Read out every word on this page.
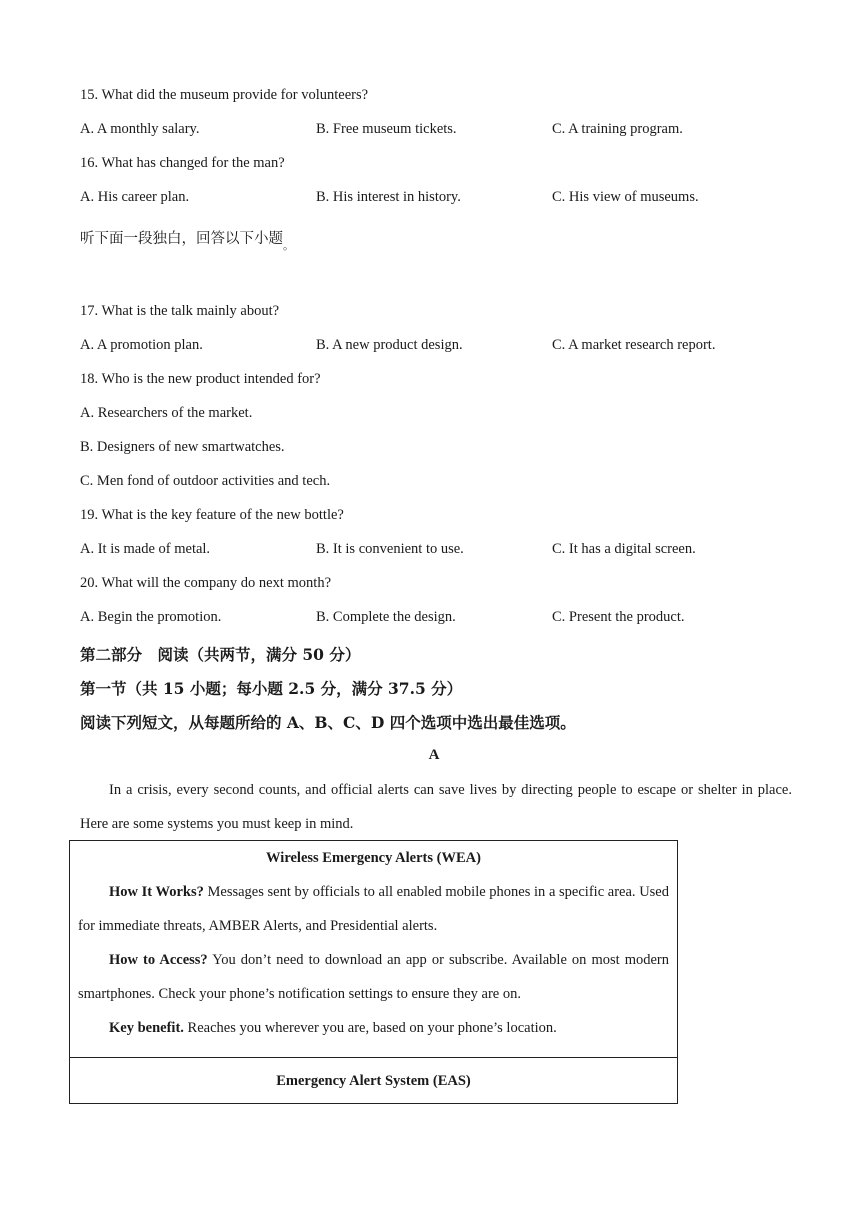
15. What did the museum provide for volunteers?
A. A monthly salary.	B. Free museum tickets.	C. A training program.
16. What has changed for the man?
A. His career plan.	B. His interest in history.	C. His view of museums.
听下面一段独白，回答以下小题$_。$
17. What is the talk mainly about?
A. A promotion plan.	B. A new product design.	C. A market research report.
18. Who is the new product intended for?
A. Researchers of the market.
B. Designers of new smartwatches.
C. Men fond of outdoor activities and tech.
19. What is the key feature of the new bottle?
A. It is made of metal.	B. It is convenient to use.	C. It has a digital screen.
20. What will the company do next month?
A. Begin the promotion.	B. Complete the design.	C. Present the product.
第二部分　阅读（共两节，满分 50 分）
第一节（共 15 小题；每小题 2.5 分，满分 37.5 分）
阅读下列短文，从每题所给的 A、B、C、D 四个选项中选出最佳选项。
A
In a crisis, every second counts, and official alerts can save lives by directing people to escape or shelter in place. Here are some systems you must keep in mind.
Wireless Emergency Alerts (WEA)

How It Works? Messages sent by officials to all enabled mobile phones in a specific area. Used for immediate threats, AMBER Alerts, and Presidential alerts.

How to Access? You don’t need to download an app or subscribe. Available on most modern smartphones. Check your phone’s notification settings to ensure they are on.

Key benefit. Reaches you wherever you are, based on your phone’s location.

Emergency Alert System (EAS)
